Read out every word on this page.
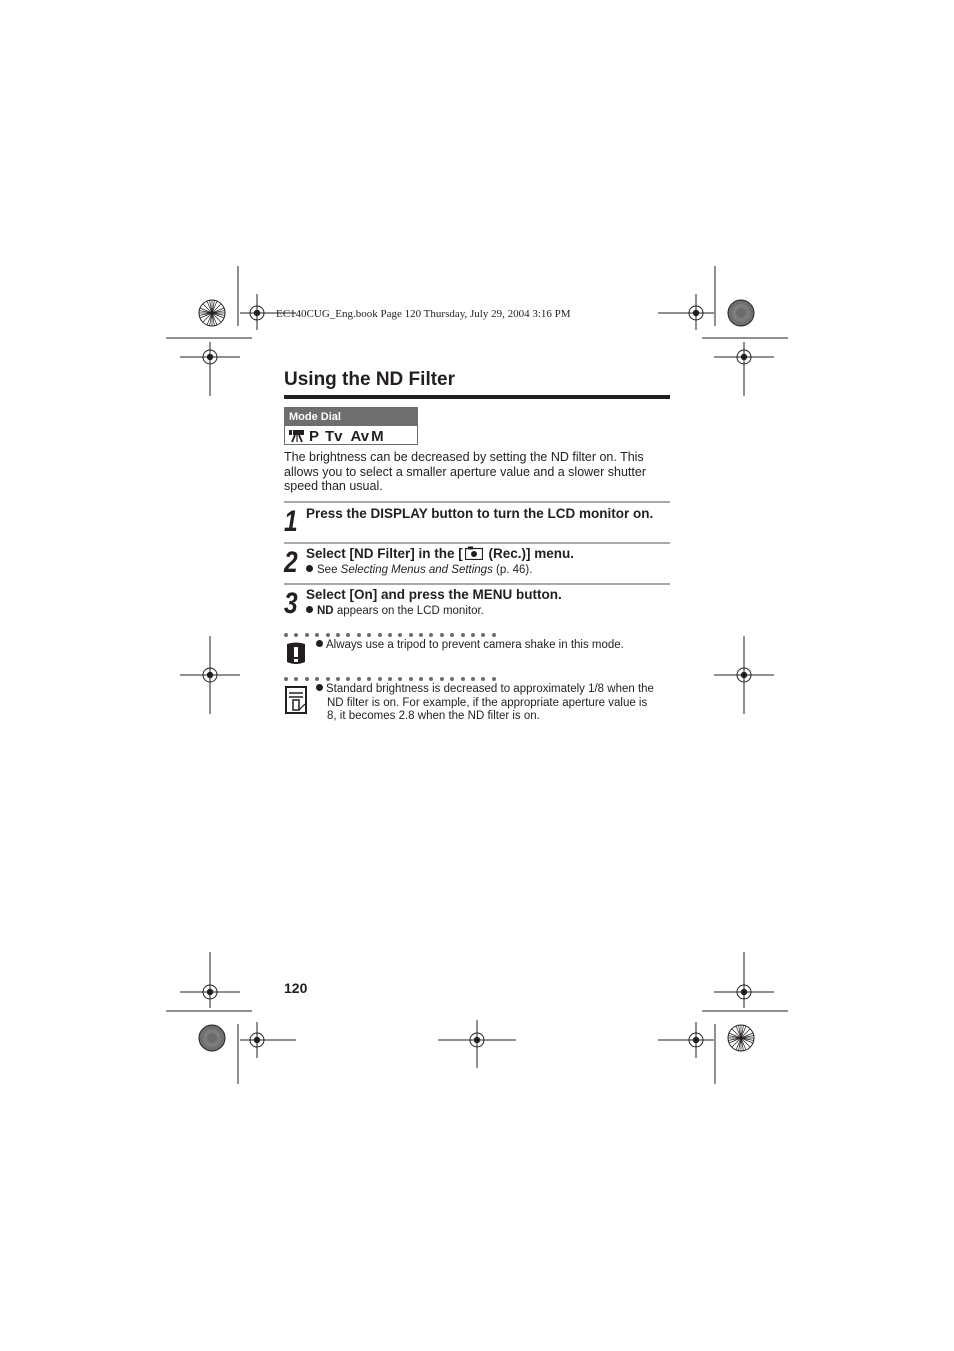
EC140CUG_Eng.book Page 120 Thursday, July 29, 2004 3:16 PM
Using the ND Filter
Mode Dial
P Tv Av M
The brightness can be decreased by setting the ND filter on. This allows you to select a smaller aperture value and a slower shutter speed than usual.
1 Press the DISPLAY button to turn the LCD monitor on.
2 Select [ND Filter] in the [ (Rec.)] menu.
See Selecting Menus and Settings (p. 46).
3 Select [On] and press the MENU button.
ND appears on the LCD monitor.
Always use a tripod to prevent camera shake in this mode.
Standard brightness is decreased to approximately 1/8 when the
ND filter is on. For example, if the appropriate aperture value is
8, it becomes 2.8 when the ND filter is on.
120
